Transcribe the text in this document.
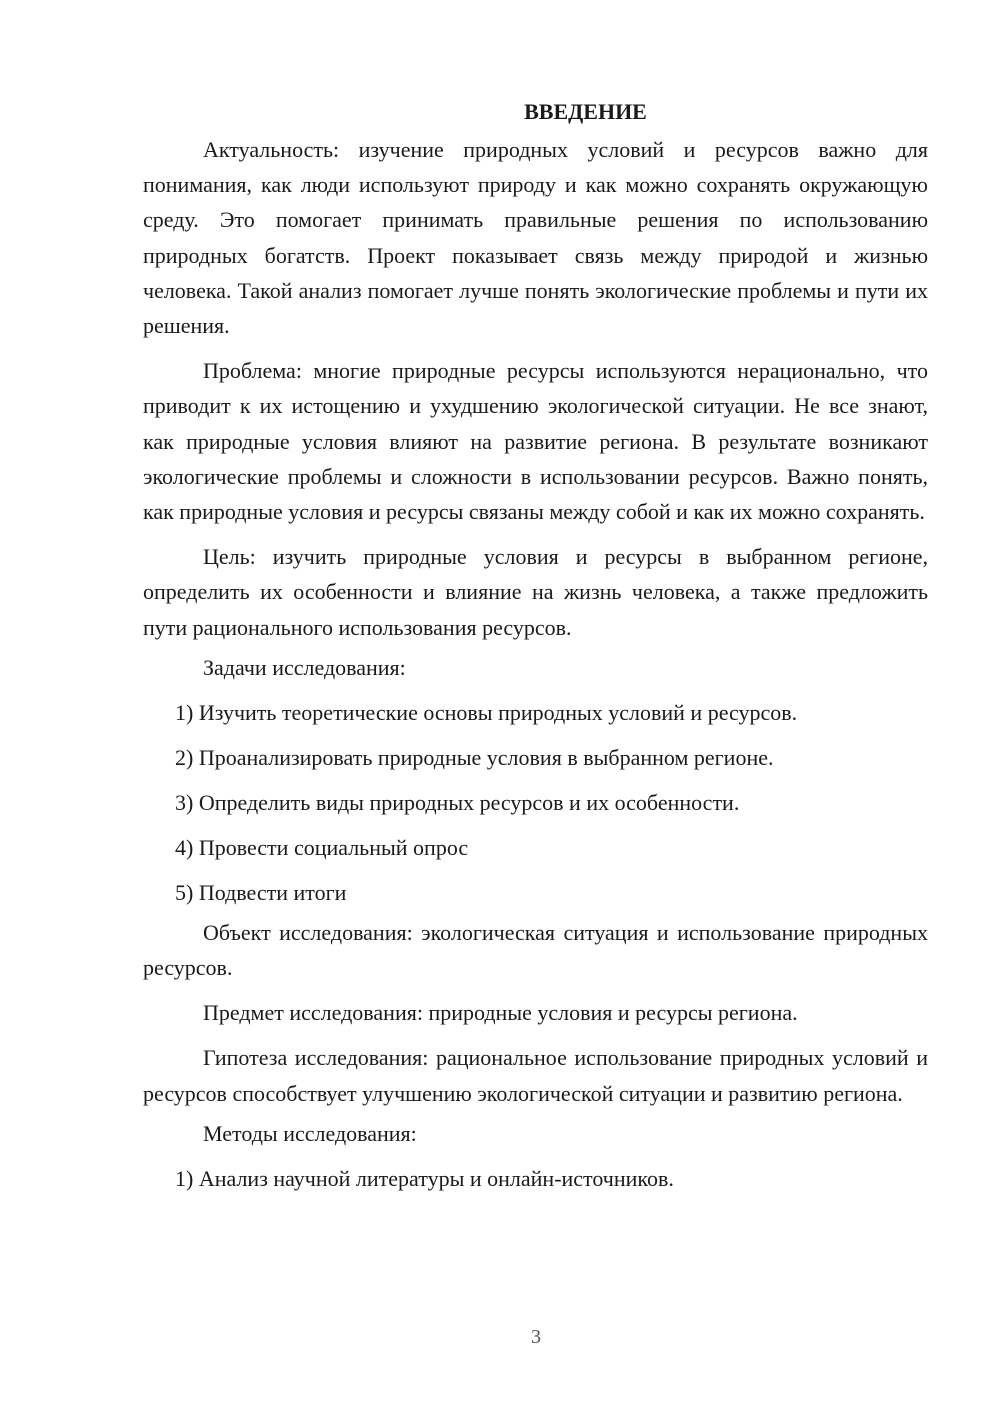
ВВЕДЕНИЕ

Актуальность: изучение природных условий и ресурсов важно для понимания, как люди используют природу и как можно сохранять окружающую среду. Это помогает принимать правильные решения по использованию природных богатств. Проект показывает связь между природой и жизнью человека. Такой анализ помогает лучше понять экологические проблемы и пути их решения.

Проблема: многие природные ресурсы используются нерационально, что приводит к их истощению и ухудшению экологической ситуации. Не все знают, как природные условия влияют на развитие региона. В результате возникают экологические проблемы и сложности в использовании ресурсов. Важно понять, как природные условия и ресурсы связаны между собой и как их можно сохранять.

Цель: изучить природные условия и ресурсы в выбранном регионе, определить их особенности и влияние на жизнь человека, а также предложить пути рационального использования ресурсов.

Задачи исследования:

1) Изучить теоретические основы природных условий и ресурсов.

2) Проанализировать природные условия в выбранном регионе.

3) Определить виды природных ресурсов и их особенности.

4) Провести социальный опрос

5) Подвести итоги

Объект исследования: экологическая ситуация и использование природных ресурсов.

Предмет исследования: природные условия и ресурсы региона.

Гипотеза исследования: рациональное использование природных условий и ресурсов способствует улучшению экологической ситуации и развитию региона.

Методы исследования:

1) Анализ научной литературы и онлайн-источников.

3
